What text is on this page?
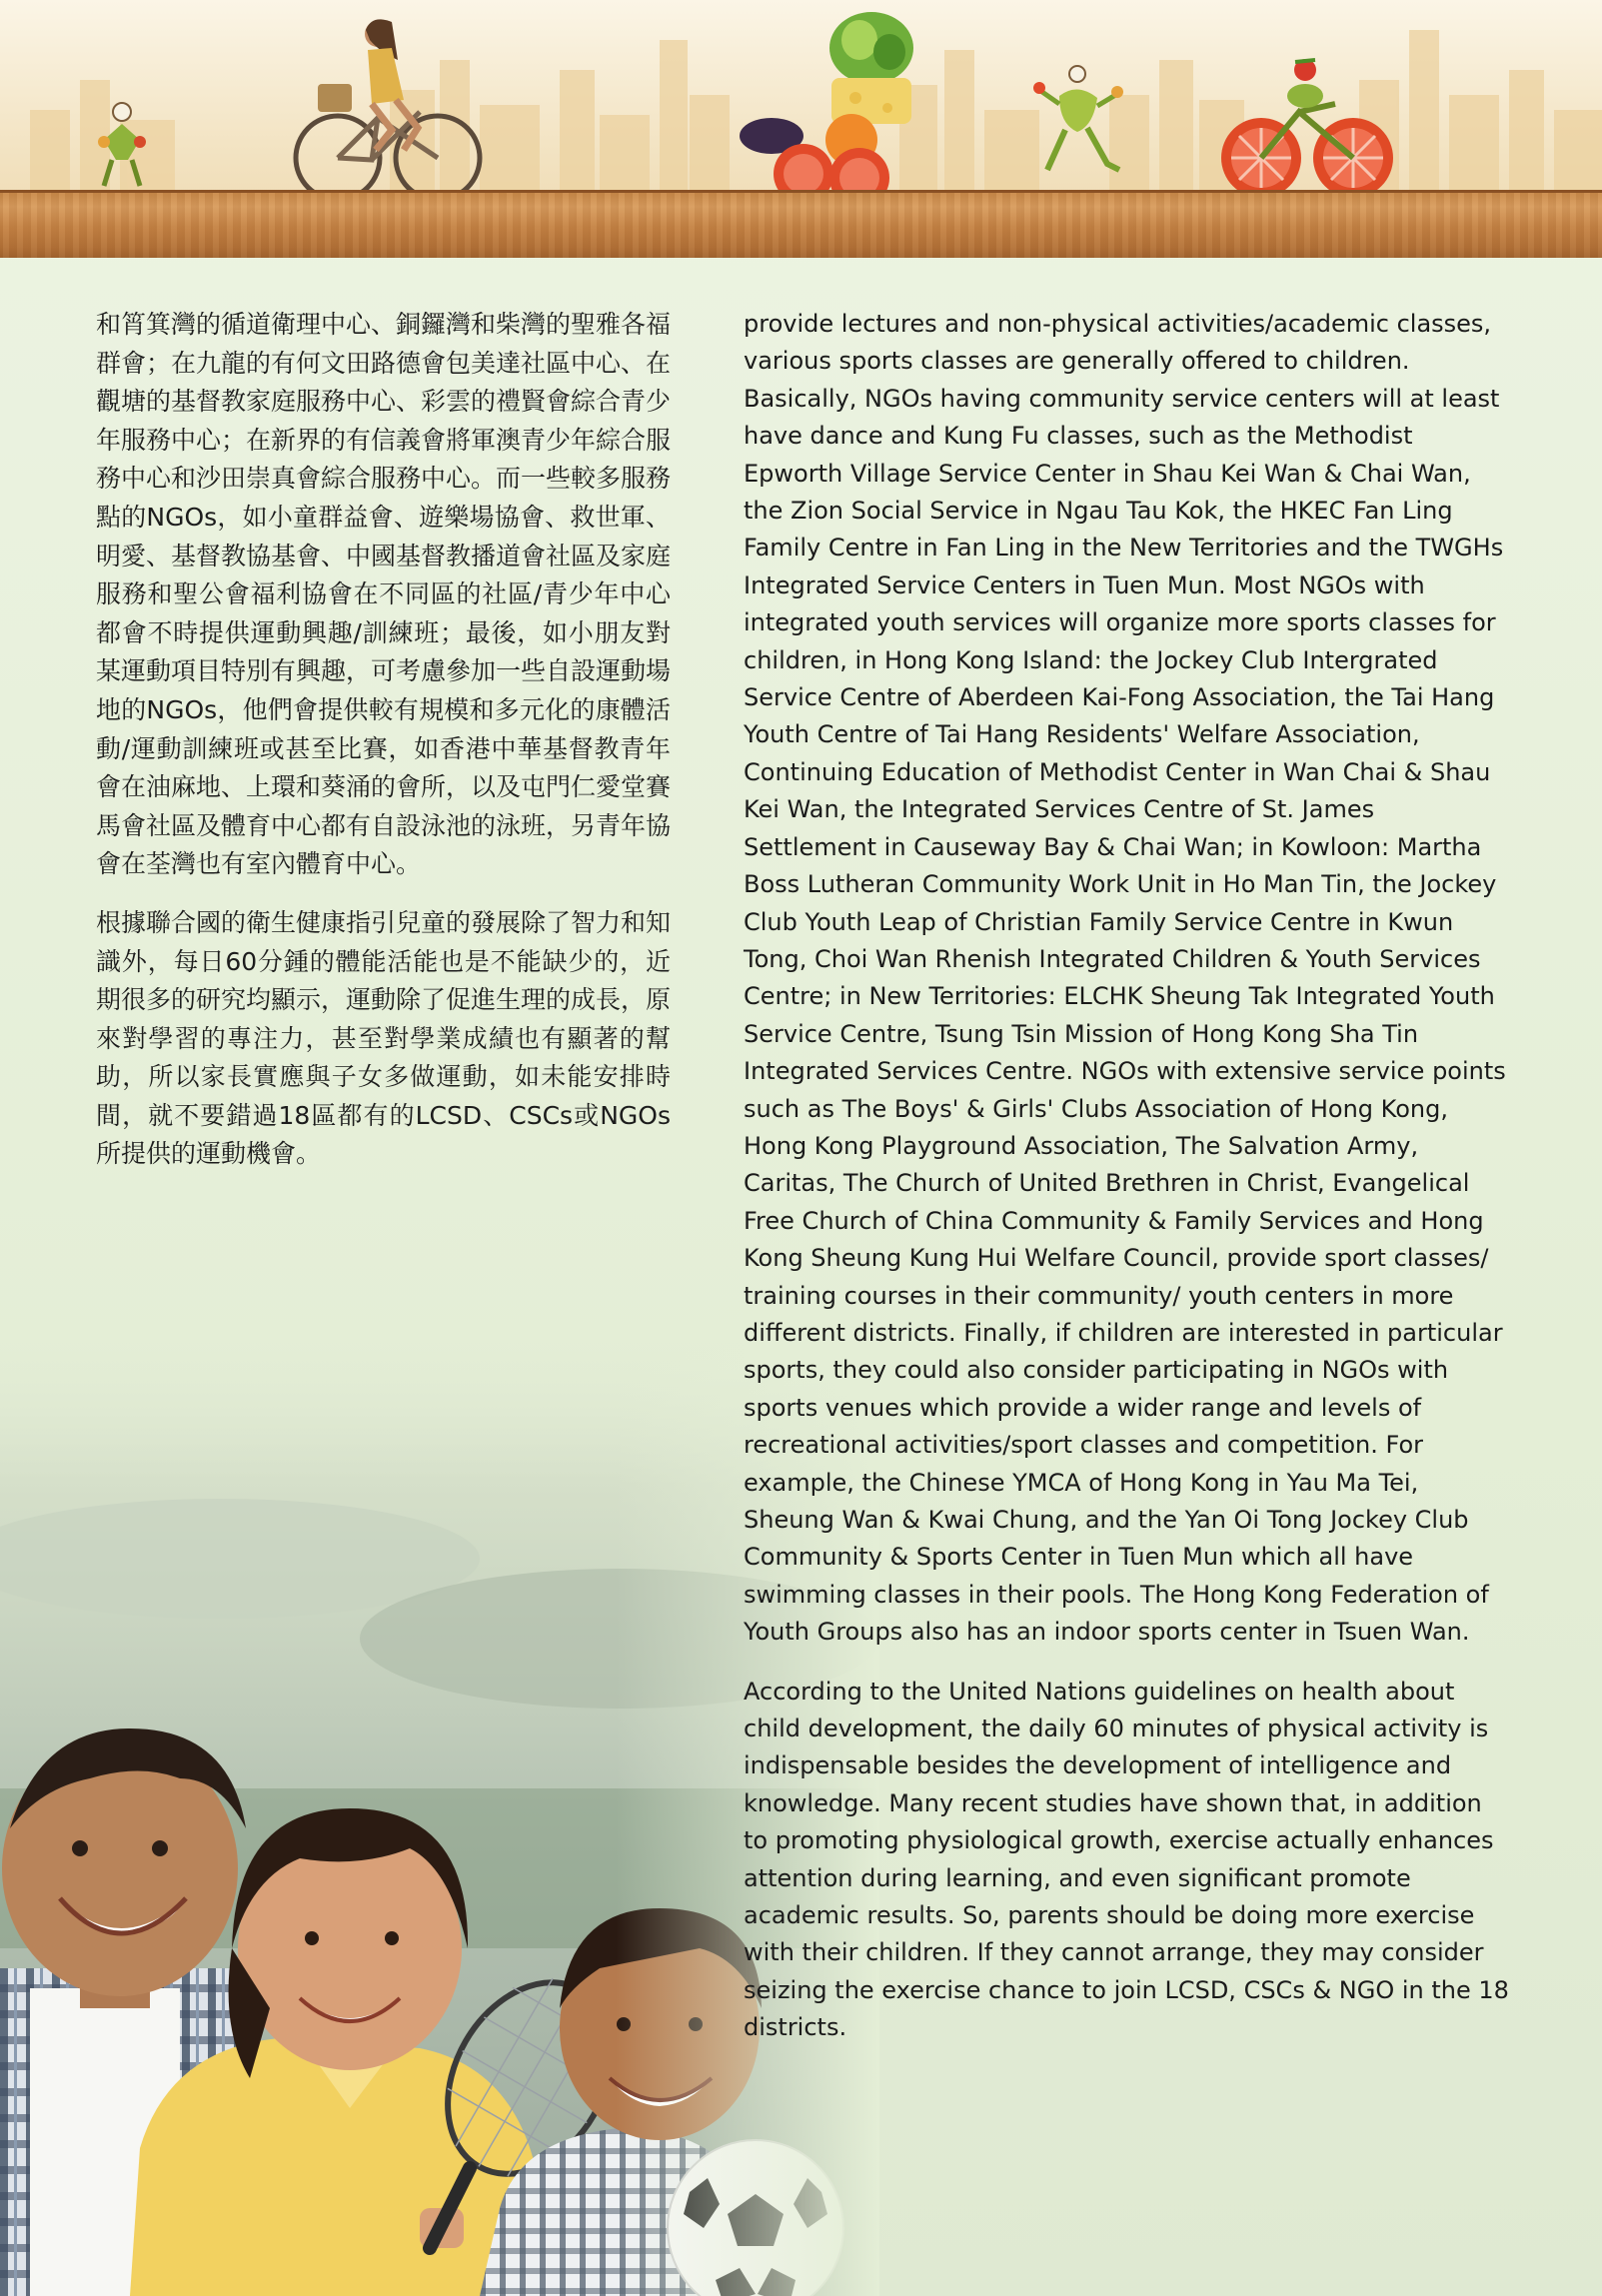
和筲箕灣的循道衛理中心、銅鑼灣和柴灣的聖雅各福群會；在九龍的有何文田路德會包美達社區中心、在觀塘的基督教家庭服務中心、彩雲的禮賢會綜合青少年服務中心；在新界的有信義會將軍澳青少年綜合服務中心和沙田崇真會綜合服務中心。而一些較多服務點的NGOs，如小童群益會、遊樂場協會、救世軍、明愛、基督教協基會、中國基督教播道會社區及家庭服務和聖公會福利協會在不同區的社區/青少年中心都會不時提供運動興趣/訓練班；最後，如小朋友對某運動項目特別有興趣，可考慮參加一些自設運動場地的NGOs，他們會提供較有規模和多元化的康體活動/運動訓練班或甚至比賽，如香港中華基督教青年會在油麻地、上環和葵涌的會所，以及屯門仁愛堂賽馬會社區及體育中心都有自設泳池的泳班，另青年協會在荃灣也有室內體育中心。

根據聯合國的衛生健康指引兒童的發展除了智力和知識外，每日60分鍾的體能活能也是不能缺少的，近期很多的研究均顯示，運動除了促進生理的成長，原來對學習的專注力，甚至對學業成績也有顯著的幫助，所以家長實應與子女多做運動，如未能安排時間，就不要錯過18區都有的LCSD、CSCs或NGOs所提供的運動機會。

provide lectures and non-physical activities/academic classes, various sports classes are generally offered to children. Basically, NGOs having community service centers will at least have dance and Kung Fu classes, such as the Methodist Epworth Village Service Center in Shau Kei Wan & Chai Wan, the Zion Social Service in Ngau Tau Kok, the HKEC Fan Ling Family Centre in Fan Ling in the New Territories and the TWGHs Integrated Service Centers in Tuen Mun. Most NGOs with integrated youth services will organize more sports classes for children, in Hong Kong Island: the Jockey Club Intergrated Service Centre of Aberdeen Kai-Fong Association, the Tai Hang Youth Centre of Tai Hang Residents' Welfare Association, Continuing Education of Methodist Center in Wan Chai & Shau Kei Wan, the Integrated Services Centre of St. James Settlement in Causeway Bay & Chai Wan; in Kowloon: Martha Boss Lutheran Community Work Unit in Ho Man Tin, the Jockey Club Youth Leap of Christian Family Service Centre in Kwun Tong, Choi Wan Rhenish Integrated Children & Youth Services Centre; in New Territories: ELCHK Sheung Tak Integrated Youth Service Centre, Tsung Tsin Mission of Hong Kong Sha Tin Integrated Services Centre. NGOs with extensive service points such as The Boys' & Girls' Clubs Association of Hong Kong, Hong Kong Playground Association, The Salvation Army, Caritas, The Church of United Brethren in Christ, Evangelical Free Church of China Community & Family Services and Hong Kong Sheung Kung Hui Welfare Council, provide sport classes/ training courses in their community/ youth centers in more different districts. Finally, if children are interested in particular sports, they could also consider participating in NGOs with sports venues which provide a wider range and levels of recreational activities/sport classes and competition. For example, the Chinese YMCA of Hong Kong in Yau Ma Tei, Sheung Wan & Kwai Chung, and the Yan Oi Tong Jockey Club Community & Sports Center in Tuen Mun which all have swimming classes in their pools. The Hong Kong Federation of Youth Groups also has an indoor sports center in Tsuen Wan.

According to the United Nations guidelines on health about child development, the daily 60 minutes of physical activity is indispensable besides the development of intelligence and knowledge. Many recent studies have shown that, in addition to promoting physiological growth, exercise actually enhances attention during learning, and even significant promote academic results. So, parents should be doing more exercise with their children. If they cannot arrange, they may consider seizing the exercise chance to join LCSD, CSCs & NGO in the 18 districts.
